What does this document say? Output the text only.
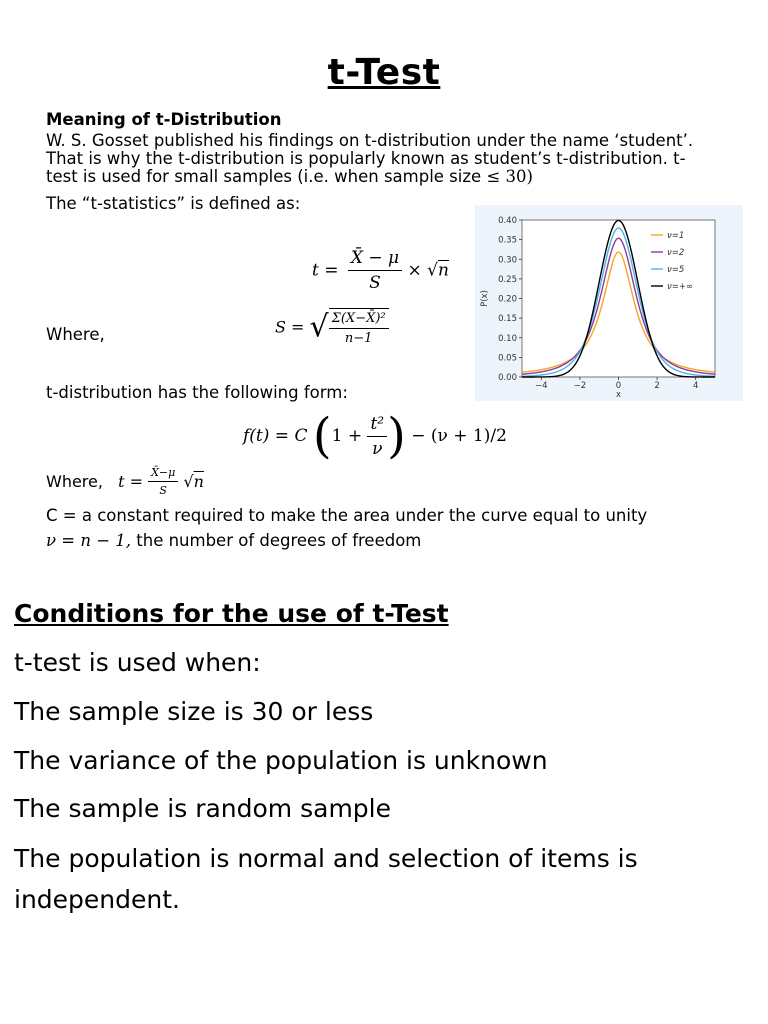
t-Test
Meaning of t-Distribution
W. S. Gosset published his findings on t-distribution under the name ‘student’.
That is why the t-distribution is popularly known as student’s t-distribution. t-
test is used for small samples (i.e. when sample size ≤ 30)
The “t-statistics” is defined as:
$t = \frac{X̄ - \mu}{S} \times √n$
Where,	S = √ $\frac{\text{Σ(X−X̄)²}}{n-1}$
t-distribution has the following form:
f(t) = C ($1 + \frac{\text{t²}}{\nu}$ ) − (ν + 1)/2
Where, $t = \frac{X̄-\mu}{S} √n$
C = a constant required to make the area under the curve equal to unity
ν = n − 1, the number of degrees of freedom
Conditions for the use of t-Test
t-test is used when:
The sample size is 30 or less
The variance of the population is unknown
The sample is random sample
The population is normal and selection of items is
independent.
0.00
0.05
0.10
0.15
0.20
0.25
0.30
0.35
0.40
−4	−2	0	2	4
x
P(x)
ν=1
ν=2
ν=5
ν=+∞
